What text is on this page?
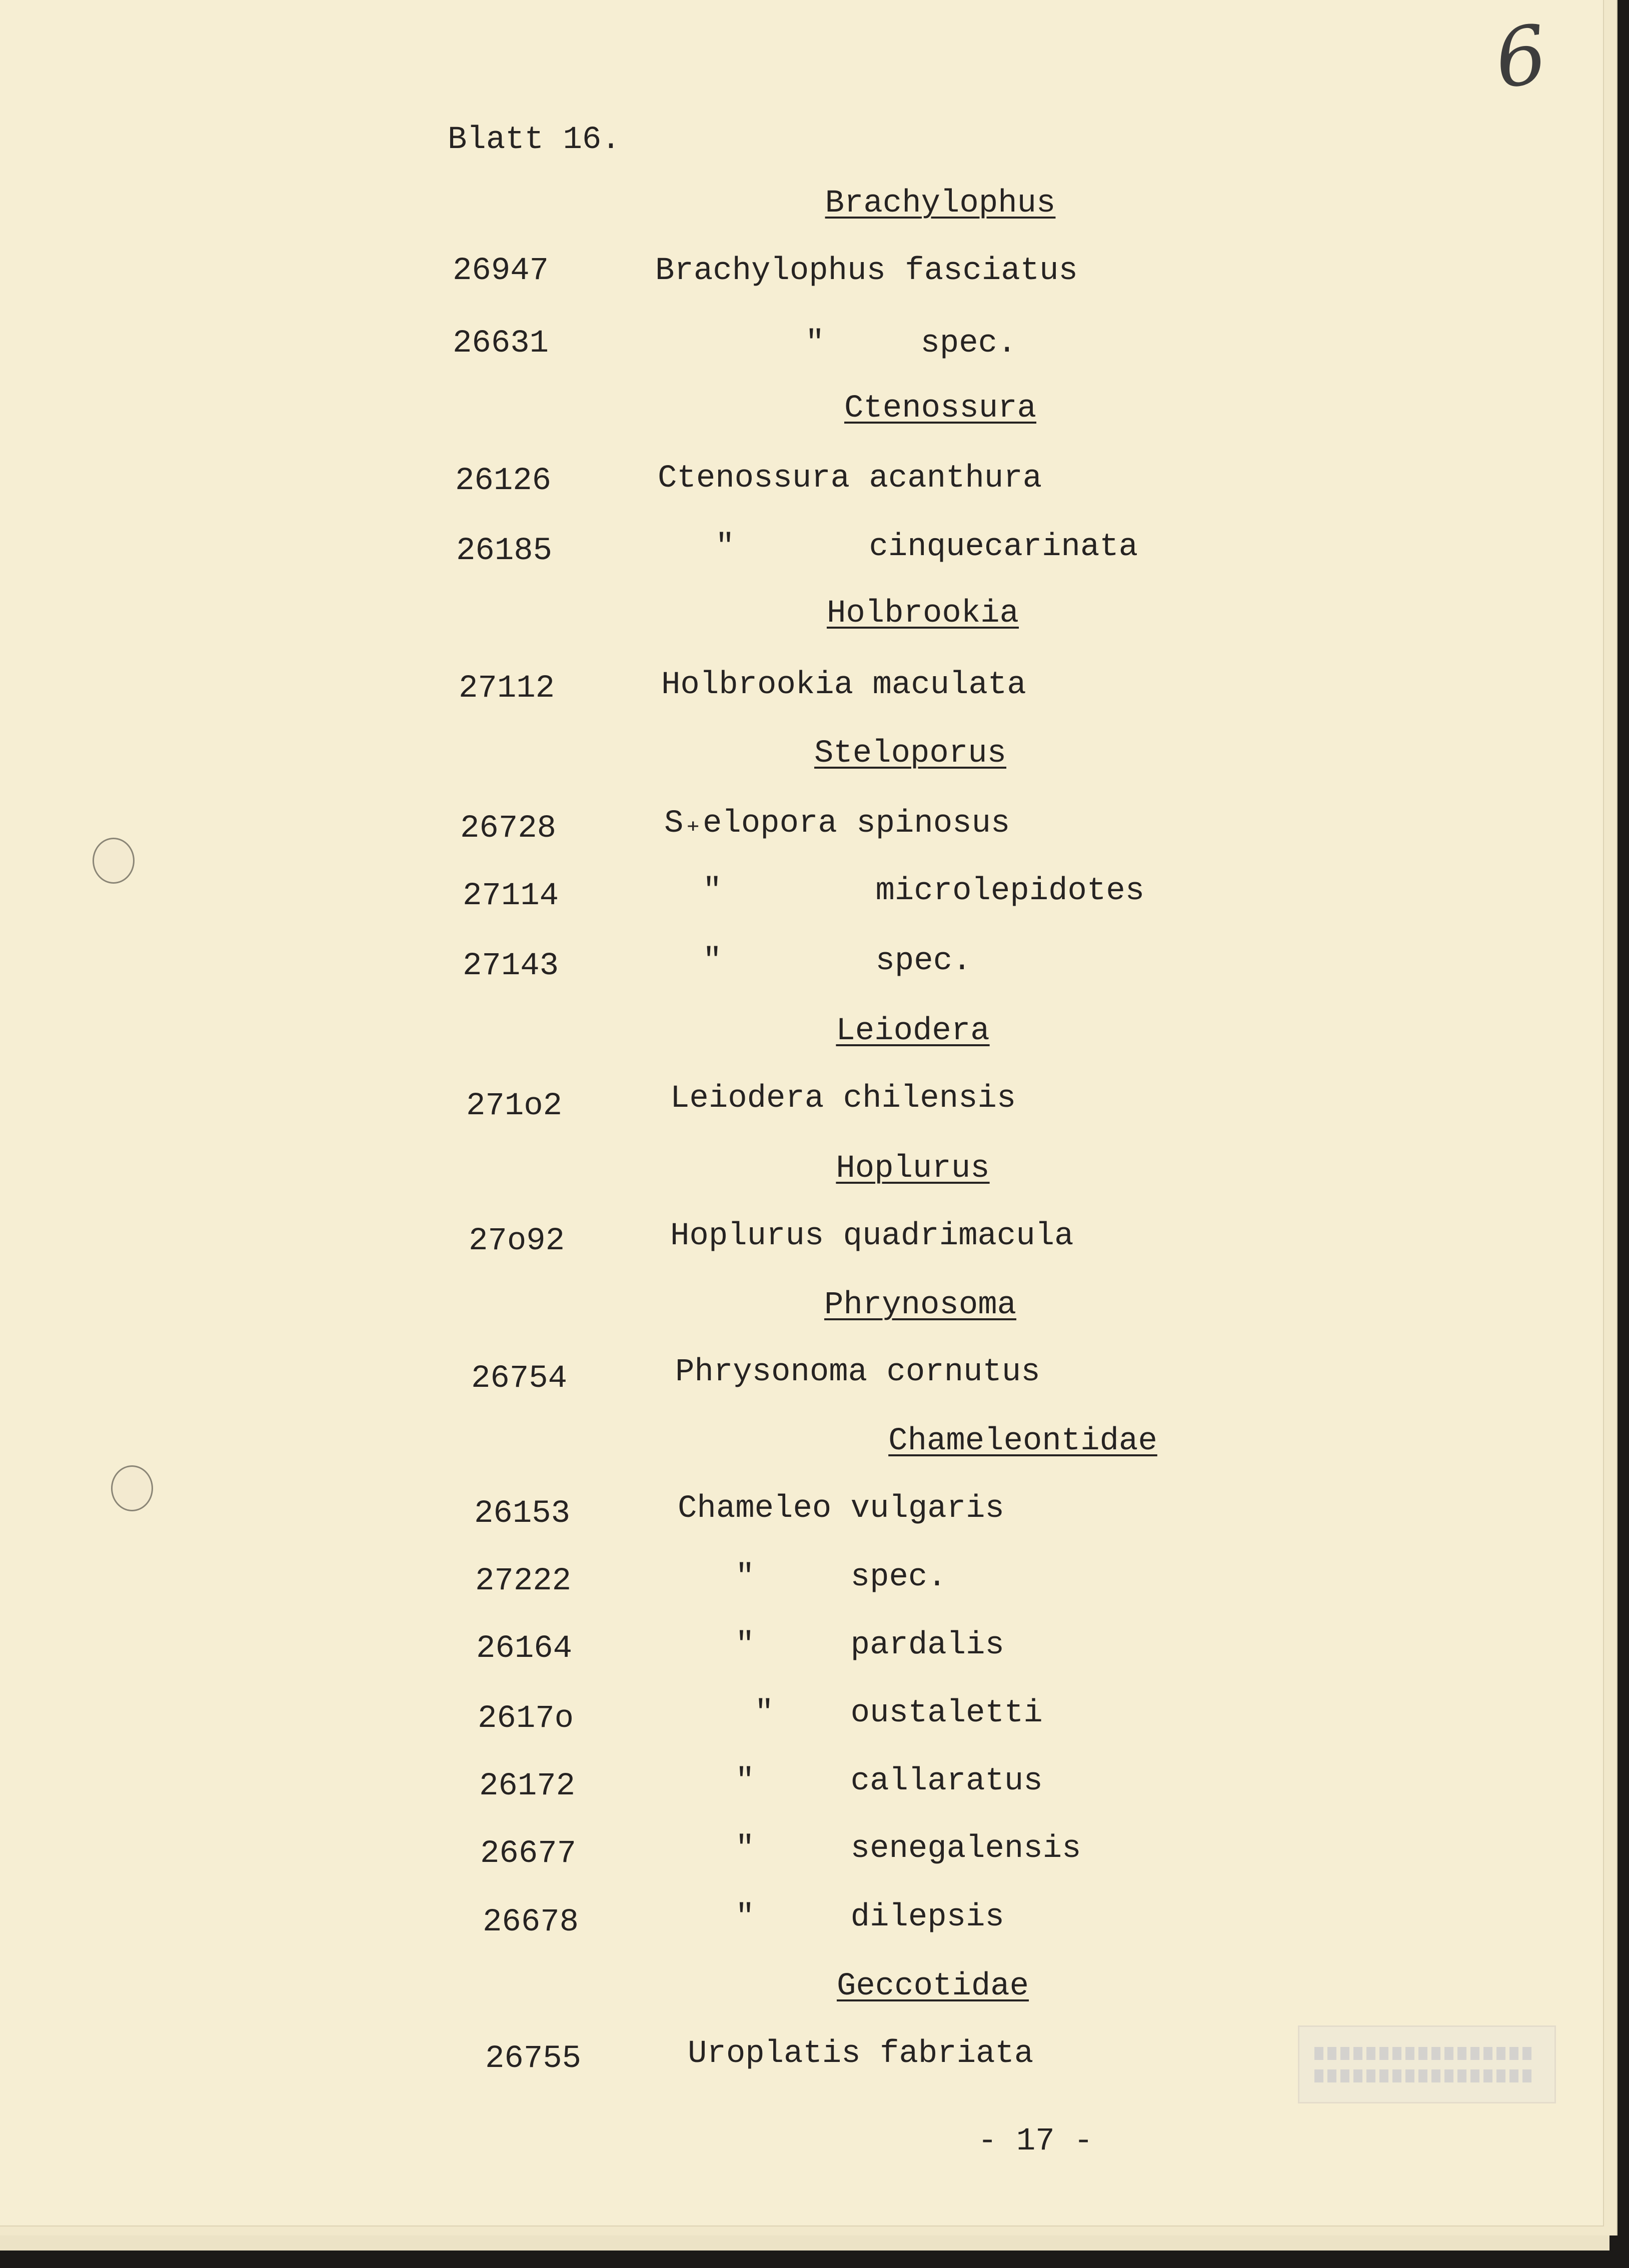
6
Blatt 16.
Brachylophus
26947	Brachylophus fasciatus
26631	"     spec.
Ctenossura
26126	Ctenossura acanthura
26185	"       cinquecarinata
Holbrookia
27112	Holbrookia maculata
Steloporus
26728	S₊elopora spinosus
27114	"        microlepidotes
27143	"        spec.
Leiodera
271o2	Leiodera chilensis
Hoplurus
27o92	Hoplurus quadrimacula
Phrynosoma
26754	Phrysonoma cornutus
Chameleontidae
26153	Chameleo vulgaris
27222	"     spec.
26164	"     pardalis
2617o	"    oustaletti
26172	"     callaratus
26677	"     senegalensis
26678	"     dilepsis
Geccotidae
26755	Uroplatis fabriata
- 17 -
